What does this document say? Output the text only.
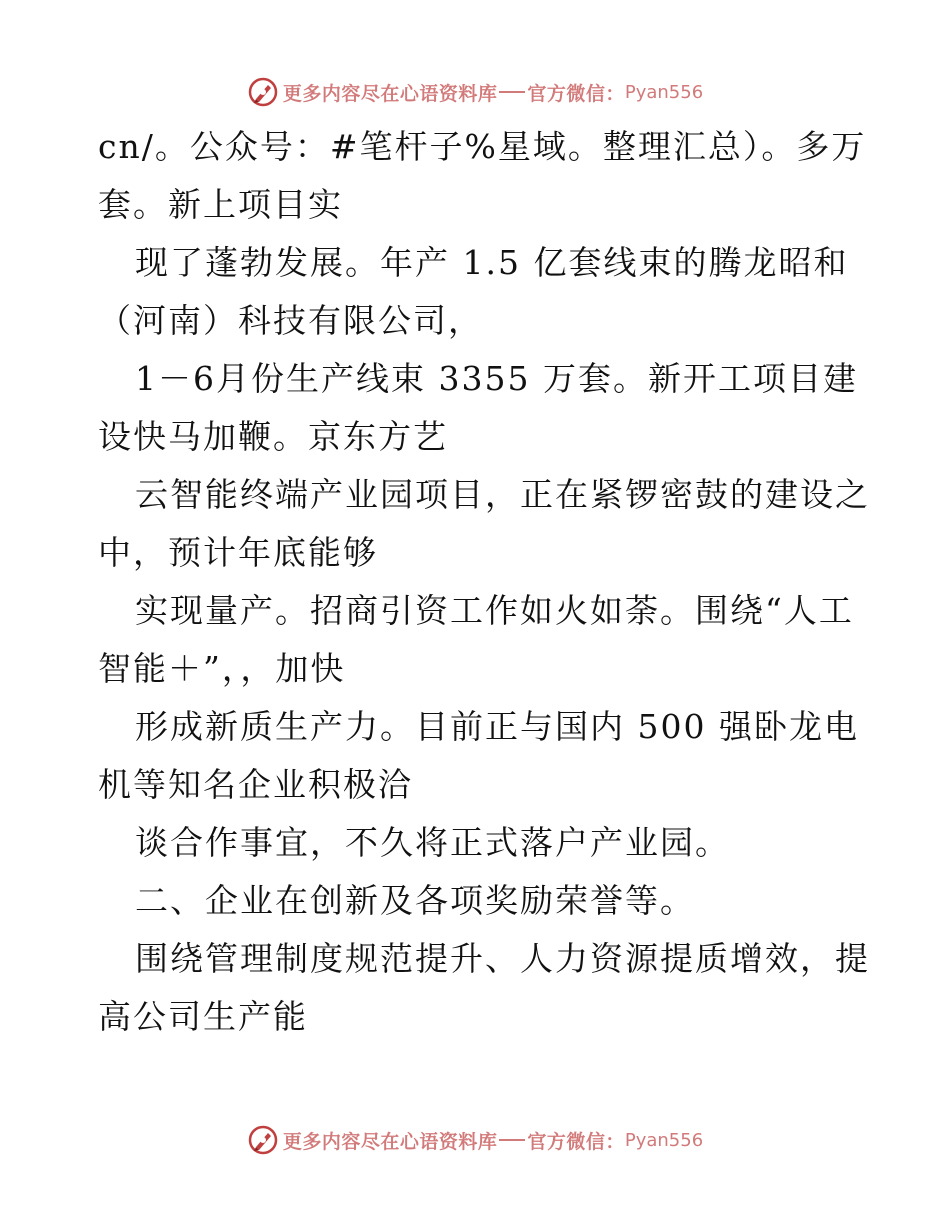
更多内容尽在心语资料库 官方微信： Pyan556
cn/。公众号：#笔杆子%星域。整理汇总）。多万
套。新上项目实
现了蓬勃发展。年产 1.5 亿套线束的腾龙昭和
（河南）科技有限公司，
1－6月份生产线束 3355 万套。新开工项目建
设快马加鞭。京东方艺
云智能终端产业园项目，正在紧锣密鼓的建设之
中，预计年底能够
实现量产。招商引资工作如火如荼。围绕“人工
智能＋”，，加快
形成新质生产力。目前正与国内 500 强卧龙电
机等知名企业积极洽
谈合作事宜，不久将正式落户产业园。
二、企业在创新及各项奖励荣誉等。
围绕管理制度规范提升、人力资源提质增效，提
高公司生产能
更多内容尽在心语资料库 官方微信： Pyan556
